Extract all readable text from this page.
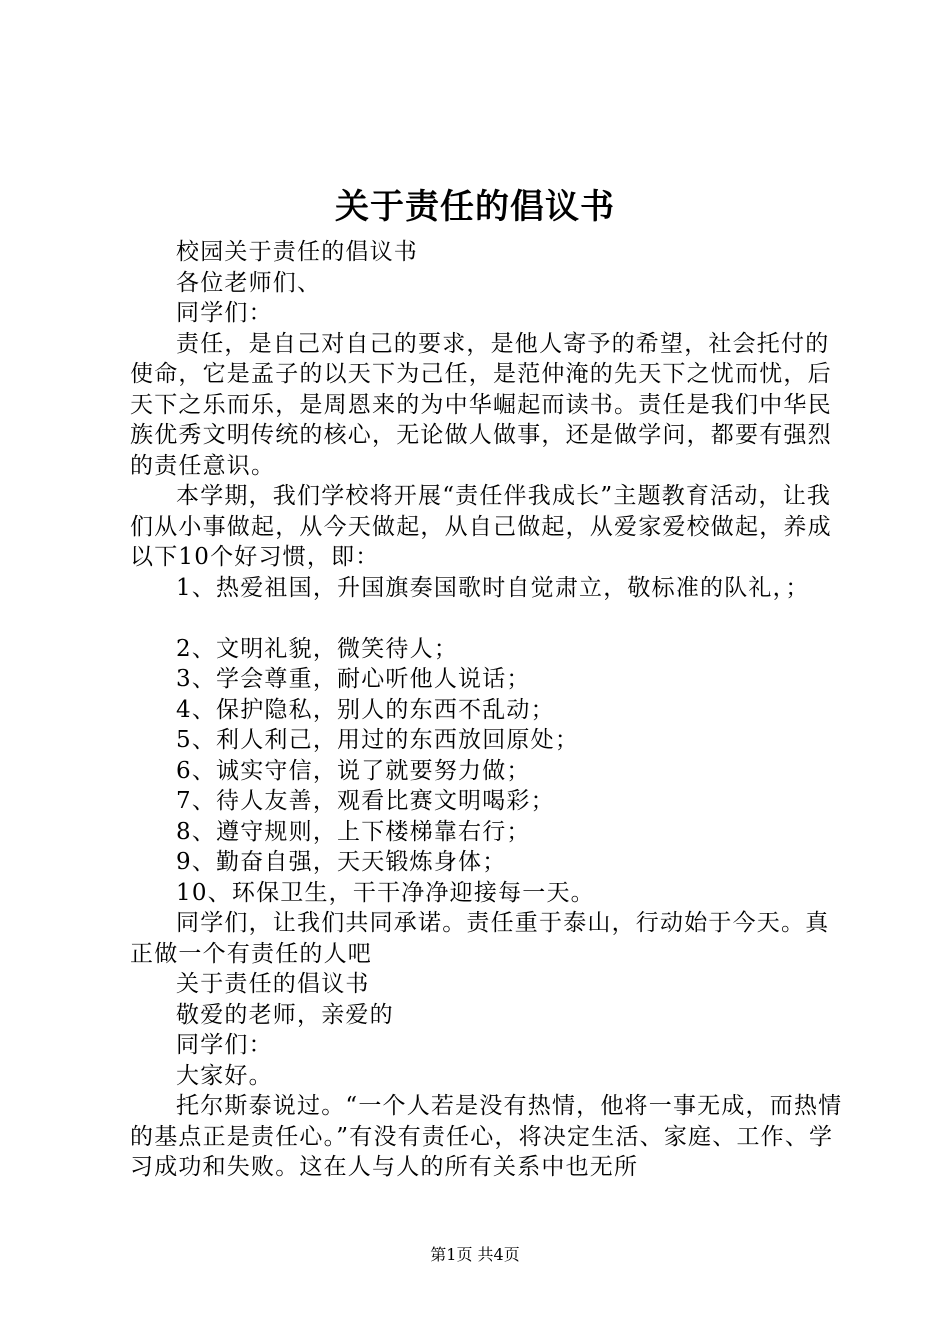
关于责任的倡议书

校园关于责任的倡议书

各位老师们、

同学们：

责任，是自己对自己的要求，是他人寄予的希望，社会托付的使命，它是孟子的以天下为己任，是范仲淹的先天下之忧而忧，后天下之乐而乐，是周恩来的为中华崛起而读书。责任是我们中华民族优秀文明传统的核心，无论做人做事，还是做学问，都要有强烈的责任意识。

本学期，我们学校将开展“责任伴我成长”主题教育活动，让我们从小事做起，从今天做起，从自己做起，从爱家爱校做起，养成以下10个好习惯，即：

1、热爱祖国，升国旗奏国歌时自觉肃立，敬标准的队礼，；

2、文明礼貌，微笑待人；

3、学会尊重，耐心听他人说话；

4、保护隐私，别人的东西不乱动；

5、利人利己，用过的东西放回原处；

6、诚实守信，说了就要努力做；

7、待人友善，观看比赛文明喝彩；

8、遵守规则，上下楼梯靠右行；

9、勤奋自强，天天锻炼身体；

10、环保卫生，干干净净迎接每一天。

同学们，让我们共同承诺。责任重于泰山，行动始于今天。真正做一个有责任的人吧

关于责任的倡议书

敬爱的老师，亲爱的

同学们：

大家好。

托尔斯泰说过。“一个人若是没有热情，他将一事无成，而热情的基点正是责任心。”有没有责任心，将决定生活、家庭、工作、学习成功和失败。这在人与人的所有关系中也无所

第1页 共4页
